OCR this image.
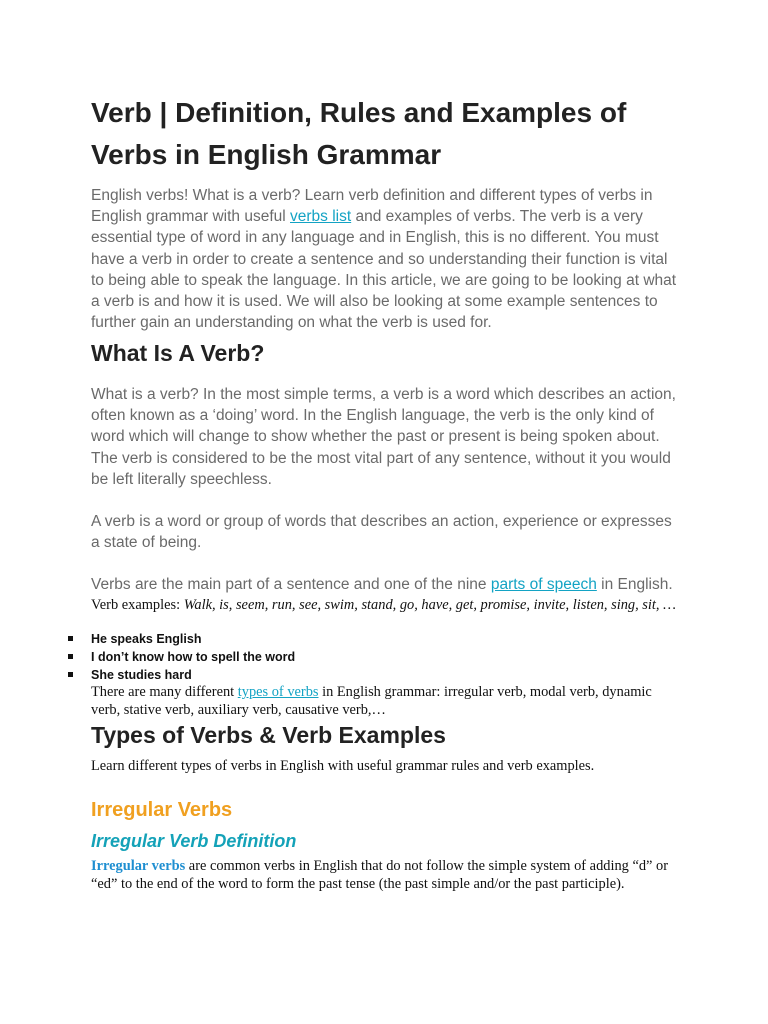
Verb | Definition, Rules and Examples of Verbs in English Grammar

English verbs! What is a verb? Learn verb definition and different types of verbs in English grammar with useful verbs list and examples of verbs. The verb is a very essential type of word in any language and in English, this is no different. You must have a verb in order to create a sentence and so understanding their function is vital to being able to speak the language. In this article, we are going to be looking at what a verb is and how it is used. We will also be looking at some example sentences to further gain an understanding on what the verb is used for.

What Is A Verb?

What is a verb? In the most simple terms, a verb is a word which describes an action, often known as a ‘doing’ word. In the English language, the verb is the only kind of word which will change to show whether the past or present is being spoken about. The verb is considered to be the most vital part of any sentence, without it you would be left literally speechless.

A verb is a word or group of words that describes an action, experience or expresses a state of being.

Verbs are the main part of a sentence and one of the nine parts of speech in English.

Verb examples: Walk, is, seem, run, see, swim, stand, go, have, get, promise, invite, listen, sing, sit, …

He speaks English
I don’t know how to spell the word
She studies hard

There are many different types of verbs in English grammar: irregular verb, modal verb, dynamic verb, stative verb, auxiliary verb, causative verb,…

Types of Verbs & Verb Examples

Learn different types of verbs in English with useful grammar rules and verb examples.

Irregular Verbs
Irregular Verb Definition

Irregular verbs are common verbs in English that do not follow the simple system of adding “d” or “ed” to the end of the word to form the past tense (the past simple and/or the past participle).
